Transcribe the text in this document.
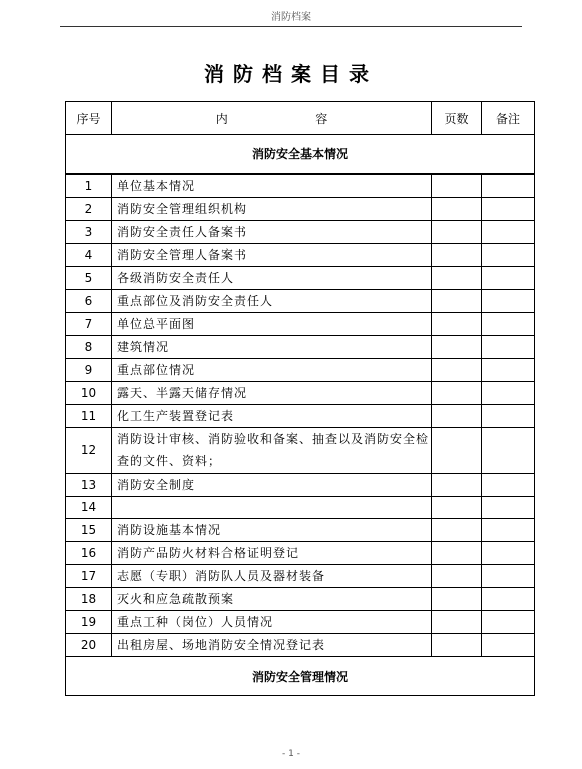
消防档案
消防档案目录
序号	内 容	页数	备注
消防安全基本情况			
1	单位基本情况		
2	消防安全管理组织机构		
3	消防安全责任人备案书		
4	消防安全管理人备案书		
5	各级消防安全责任人		
6	重点部位及消防安全责任人		
7	单位总平面图		
8	建筑情况		
9	重点部位情况		
10	露天、半露天储存情况		
11	化工生产装置登记表		
12	消防设计审核、消防验收和备案、抽查以及消防安全检查的文件、资料；		
13	消防安全制度		
14			
15	消防设施基本情况		
16	消防产品防火材料合格证明登记		
17	志愿（专职）消防队人员及器材装备		
18	灭火和应急疏散预案		
19	重点工种（岗位）人员情况		
20	出租房屋、场地消防安全情况登记表		
消防安全管理情况			
- 1 -
